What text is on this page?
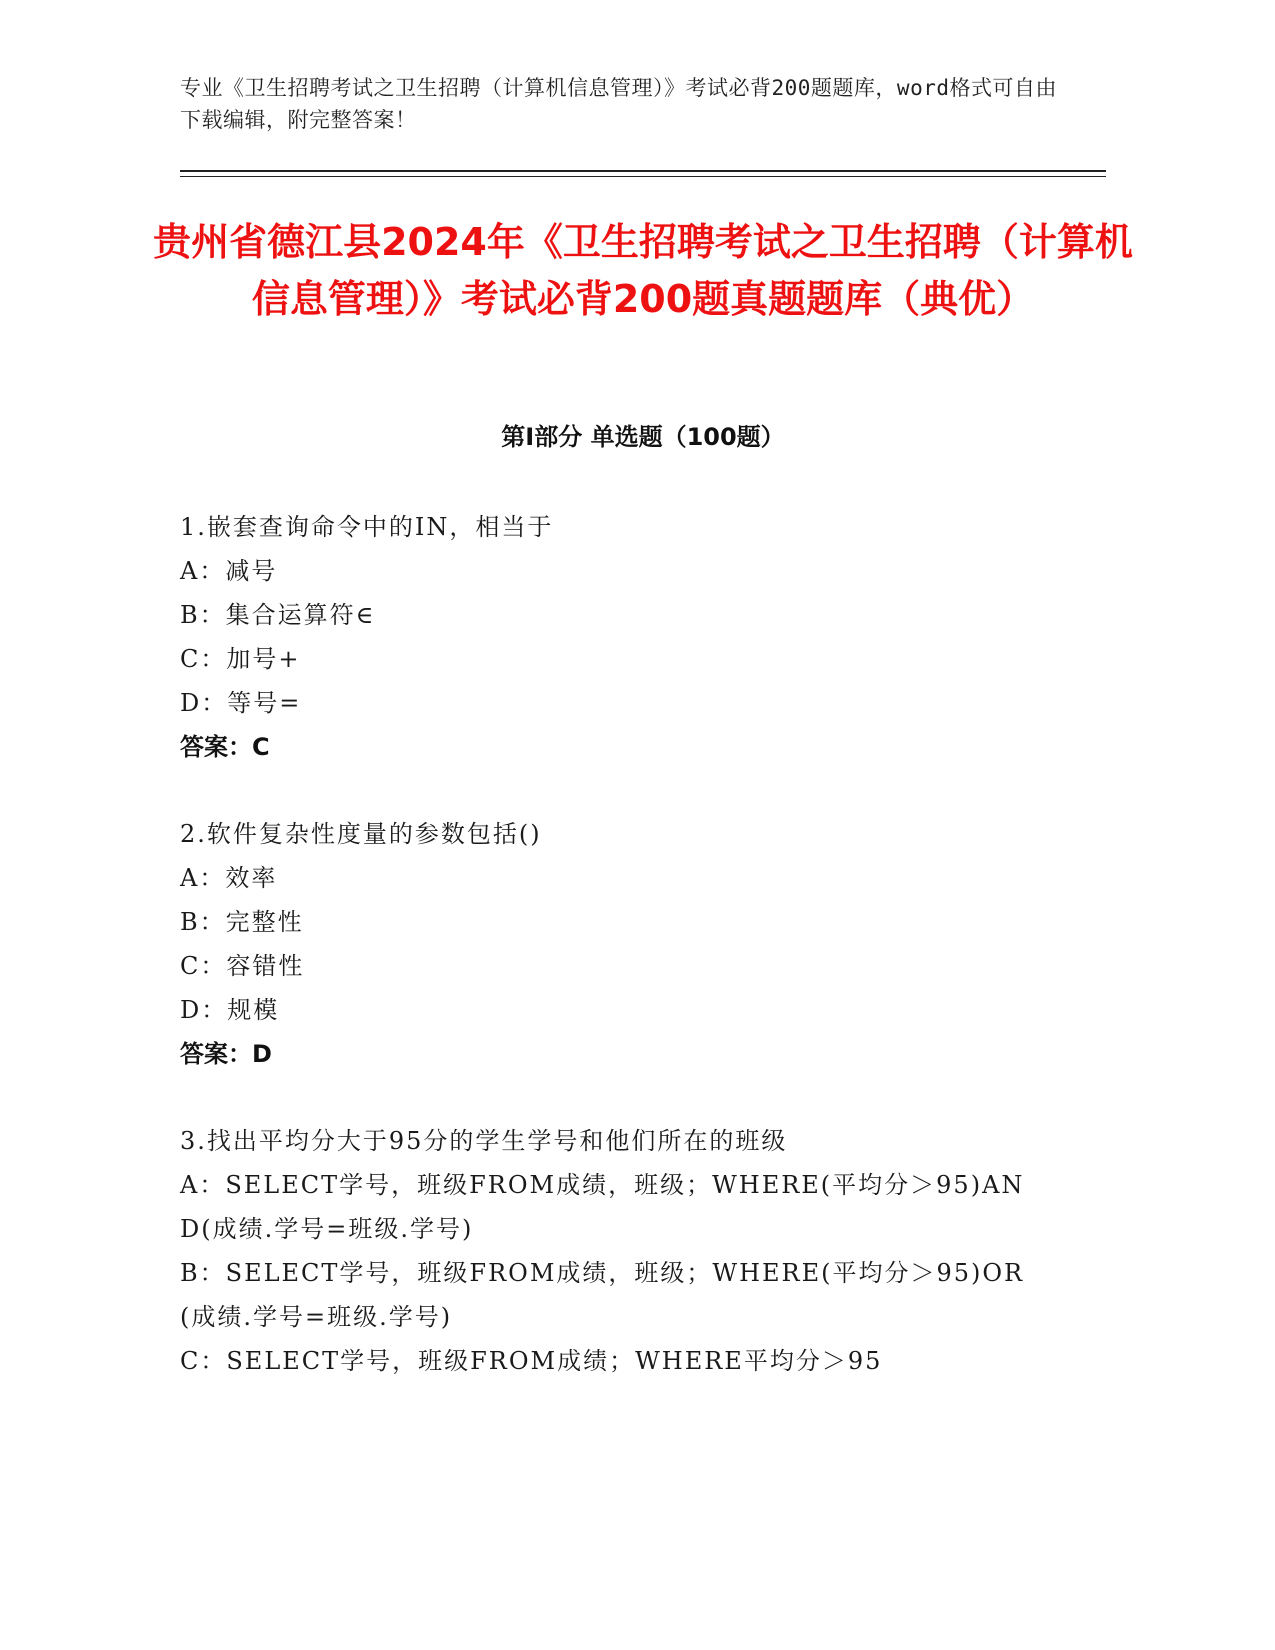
专业《卫生招聘考试之卫生招聘（计算机信息管理）》考试必背200题题库，word格式可自由下载编辑，附完整答案！
贵州省德江县2024年《卫生招聘考试之卫生招聘（计算机信息管理）》考试必背200题真题题库（典优）
第Ⅰ部分 单选题（100题）
1.嵌套查询命令中的IN，相当于
A：减号
B：集合运算符∈
C：加号+
D：等号=
答案：C
2.软件复杂性度量的参数包括()
A：效率
B：完整性
C：容错性
D：规模
答案：D
3.找出平均分大于95分的学生学号和他们所在的班级
A：SELECT学号，班级FROM成绩，班级；WHERE(平均分＞95)AND(成绩.学号=班级.学号)
B：SELECT学号，班级FROM成绩，班级；WHERE(平均分＞95)OR(成绩.学号=班级.学号)
C：SELECT学号，班级FROM成绩；WHERE平均分＞95
